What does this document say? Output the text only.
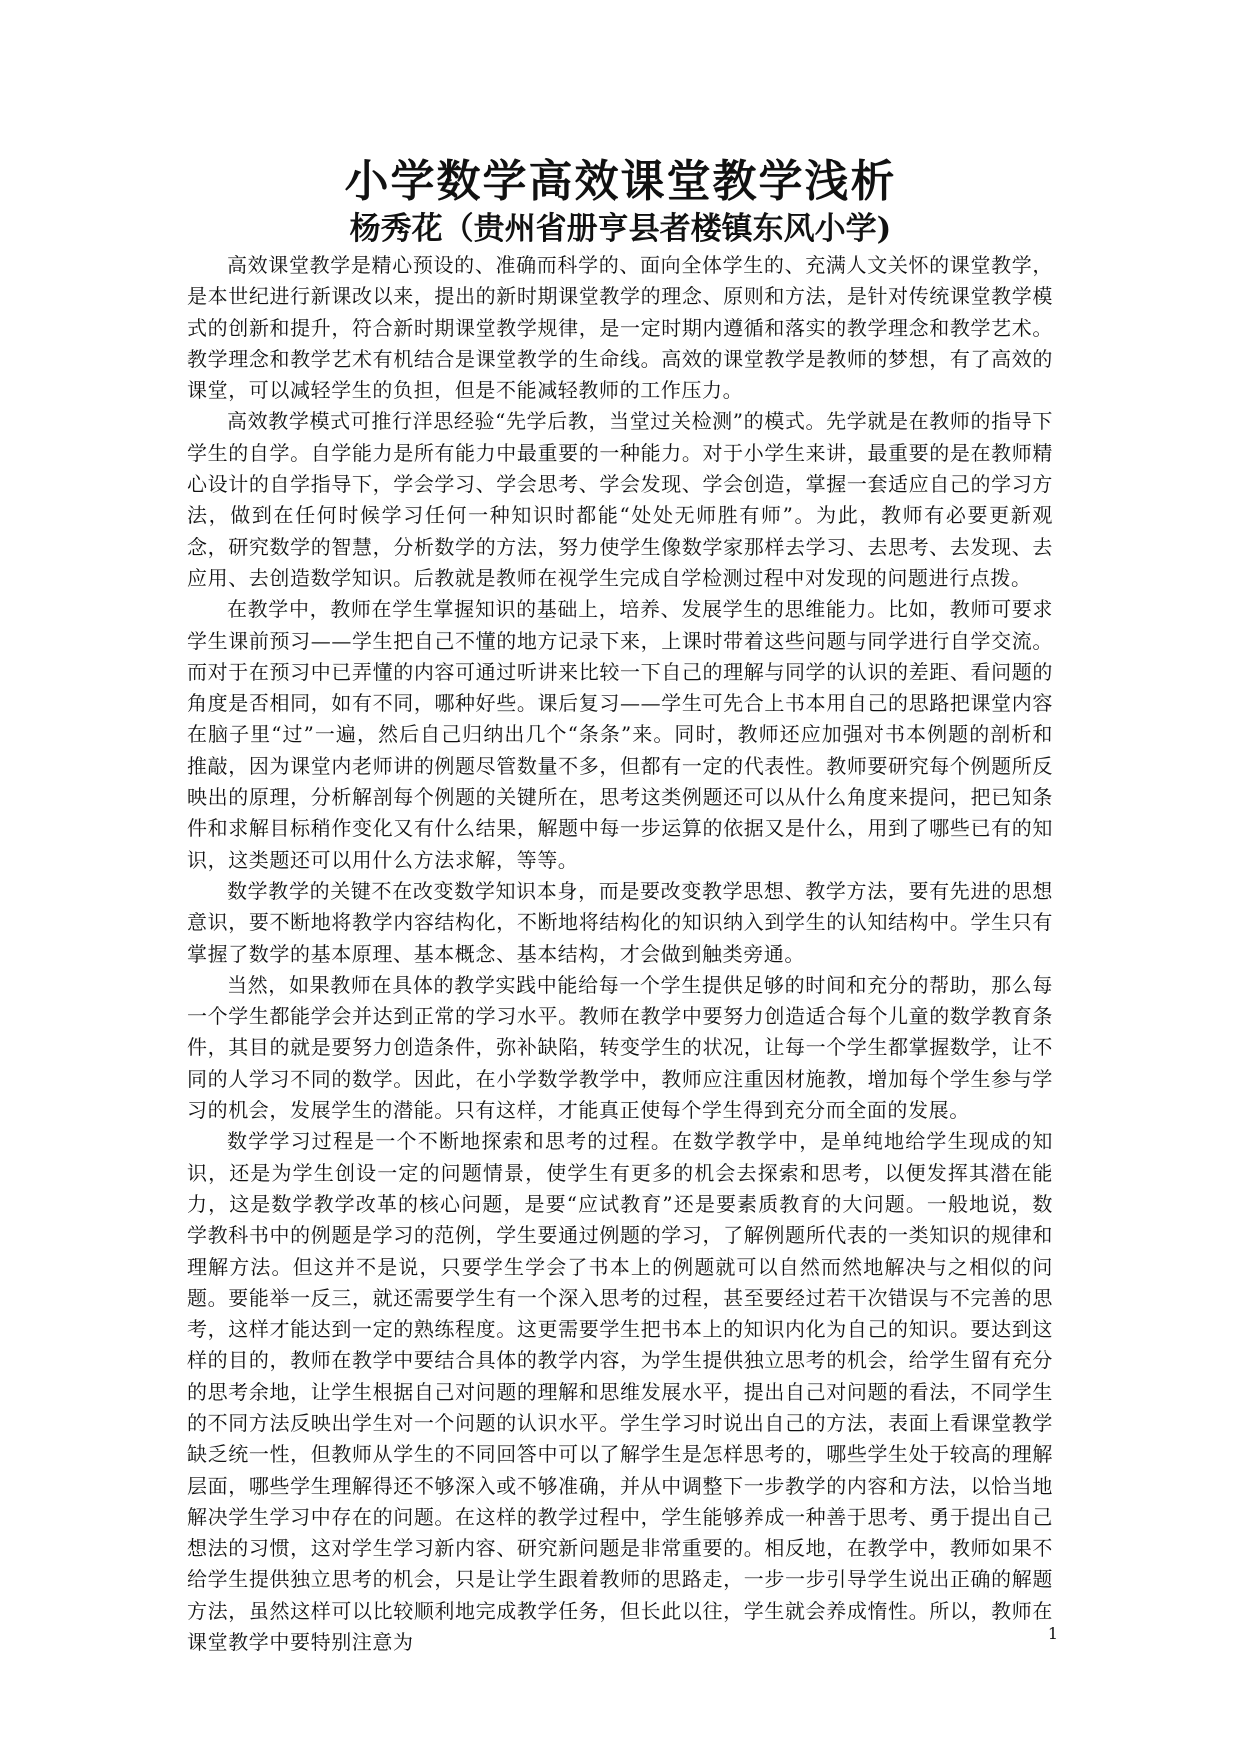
小学数学高效课堂教学浅析
杨秀花（贵州省册亨县者楼镇东风小学)

高效课堂教学是精心预设的、准确而科学的、面向全体学生的、充满人文关怀的课堂教学，是本世纪进行新课改以来，提出的新时期课堂教学的理念、原则和方法，是针对传统课堂教学模式的创新和提升，符合新时期课堂教学规律，是一定时期内遵循和落实的教学理念和教学艺术。教学理念和教学艺术有机结合是课堂教学的生命线。高效的课堂教学是教师的梦想，有了高效的课堂，可以减轻学生的负担，但是不能减轻教师的工作压力。

高效教学模式可推行洋思经验“先学后教，当堂过关检测”的模式。先学就是在教师的指导下学生的自学。自学能力是所有能力中最重要的一种能力。对于小学生来讲，最重要的是在教师精心设计的自学指导下，学会学习、学会思考、学会发现、学会创造，掌握一套适应自己的学习方法，做到在任何时候学习任何一种知识时都能“处处无师胜有师”。为此，教师有必要更新观念，研究数学的智慧，分析数学的方法，努力使学生像数学家那样去学习、去思考、去发现、去应用、去创造数学知识。后教就是教师在视学生完成自学检测过程中对发现的问题进行点拨。

在教学中，教师在学生掌握知识的基础上，培养、发展学生的思维能力。比如，教师可要求学生课前预习——学生把自己不懂的地方记录下来，上课时带着这些问题与同学进行自学交流。而对于在预习中已弄懂的内容可通过听讲来比较一下自己的理解与同学的认识的差距、看问题的角度是否相同，如有不同，哪种好些。课后复习——学生可先合上书本用自己的思路把课堂内容在脑子里“过”一遍，然后自己归纳出几个“条条”来。同时，教师还应加强对书本例题的剖析和推敲，因为课堂内老师讲的例题尽管数量不多，但都有一定的代表性。教师要研究每个例题所反映出的原理，分析解剖每个例题的关键所在，思考这类例题还可以从什么角度来提问，把已知条件和求解目标稍作变化又有什么结果，解题中每一步运算的依据又是什么，用到了哪些已有的知识，这类题还可以用什么方法求解，等等。

数学教学的关键不在改变数学知识本身，而是要改变教学思想、教学方法，要有先进的思想意识，要不断地将教学内容结构化，不断地将结构化的知识纳入到学生的认知结构中。学生只有掌握了数学的基本原理、基本概念、基本结构，才会做到触类旁通。

当然，如果教师在具体的教学实践中能给每一个学生提供足够的时间和充分的帮助，那么每一个学生都能学会并达到正常的学习水平。教师在教学中要努力创造适合每个儿童的数学教育条件，其目的就是要努力创造条件，弥补缺陷，转变学生的状况，让每一个学生都掌握数学，让不同的人学习不同的数学。因此，在小学数学教学中，教师应注重因材施教，增加每个学生参与学习的机会，发展学生的潜能。只有这样，才能真正使每个学生得到充分而全面的发展。

数学学习过程是一个不断地探索和思考的过程。在数学教学中，是单纯地给学生现成的知识，还是为学生创设一定的问题情景，使学生有更多的机会去探索和思考，以便发挥其潜在能力，这是数学教学改革的核心问题，是要“应试教育”还是要素质教育的大问题。一般地说，数学教科书中的例题是学习的范例，学生要通过例题的学习，了解例题所代表的一类知识的规律和理解方法。但这并不是说，只要学生学会了书本上的例题就可以自然而然地解决与之相似的问题。要能举一反三，就还需要学生有一个深入思考的过程，甚至要经过若干次错误与不完善的思考，这样才能达到一定的熟练程度。这更需要学生把书本上的知识内化为自己的知识。要达到这样的目的，教师在教学中要结合具体的教学内容，为学生提供独立思考的机会，给学生留有充分的思考余地，让学生根据自己对问题的理解和思维发展水平，提出自己对问题的看法，不同学生的不同方法反映出学生对一个问题的认识水平。学生学习时说出自己的方法，表面上看课堂教学缺乏统一性，但教师从学生的不同回答中可以了解学生是怎样思考的，哪些学生处于较高的理解层面，哪些学生理解得还不够深入或不够准确，并从中调整下一步教学的内容和方法，以恰当地解决学生学习中存在的问题。在这样的教学过程中，学生能够养成一种善于思考、勇于提出自己想法的习惯，这对学生学习新内容、研究新问题是非常重要的。相反地，在教学中，教师如果不给学生提供独立思考的机会，只是让学生跟着教师的思路走，一步一步引导学生说出正确的解题方法，虽然这样可以比较顺利地完成教学任务，但长此以往，学生就会养成惰性。所以，教师在课堂教学中要特别注意为	1
